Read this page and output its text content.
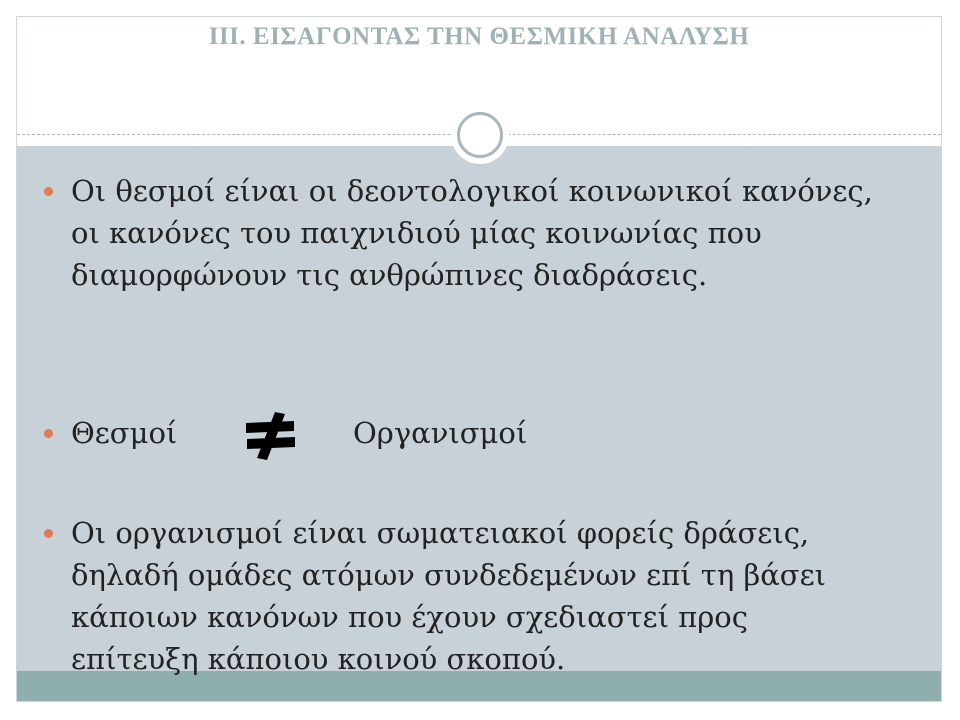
III. ΕΙΣΑΓΟΝΤΑΣ ΤΗΝ ΘΕΣΜΙΚΗ ΑΝΑΛΥΣΗ

Οι θεσμοί είναι οι δεοντολογικοί κοινωνικοί κανόνες,
οι κανόνες του παιχνιδιού μίας κοινωνίας που
διαμορφώνουν τις ανθρώπινες διαδράσεις.

Θεσμοί	Οργανισμοί

Οι οργανισμοί είναι σωματειακοί φορείς δράσεις,
δηλαδή ομάδες ατόμων συνδεδεμένων επί τη βάσει
κάποιων κανόνων που έχουν σχεδιαστεί προς
επίτευξη κάποιου κοινού σκοπού.
